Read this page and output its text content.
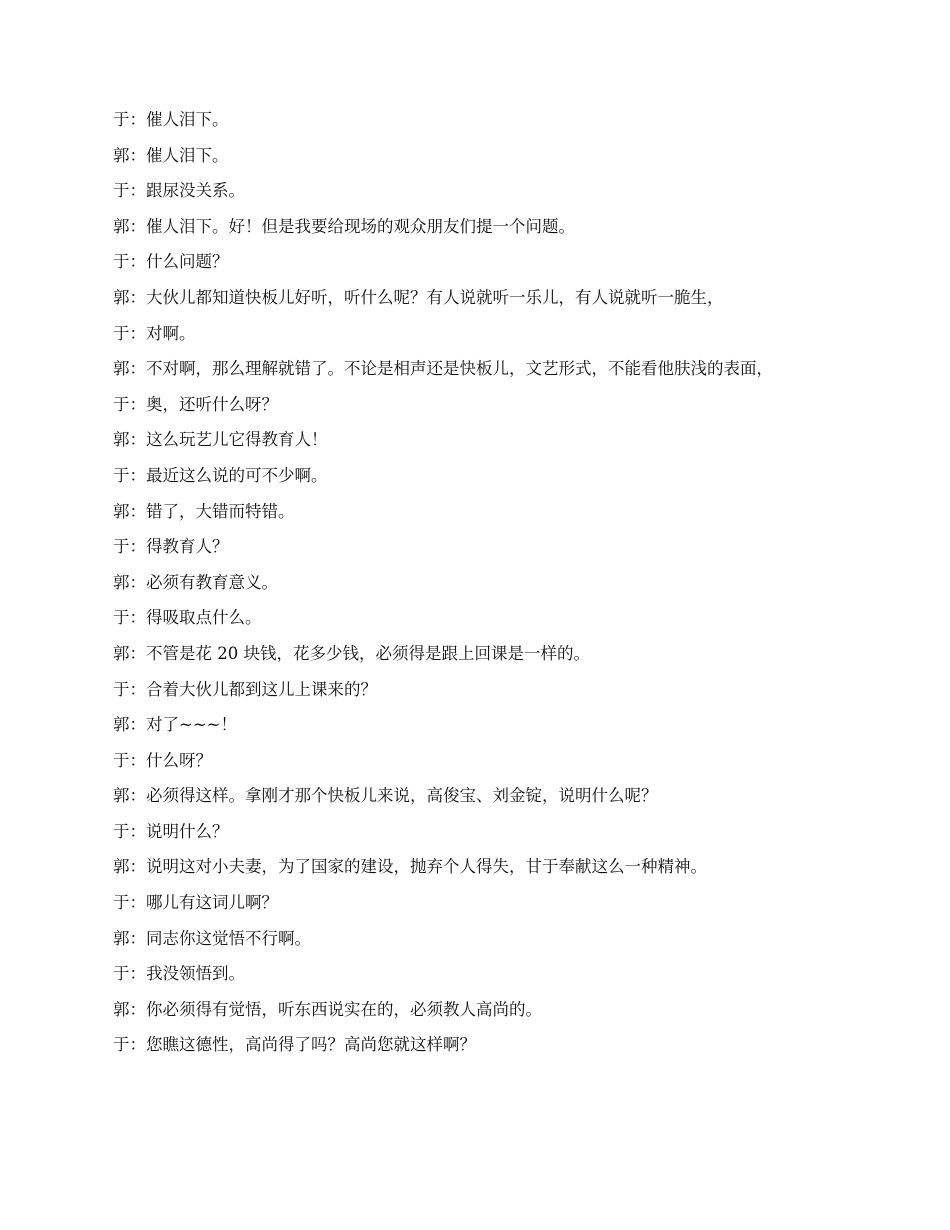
于：催人泪下。

郭：催人泪下。

于：跟尿没关系。

郭：催人泪下。好！但是我要给现场的观众朋友们提一个问题。

于：什么问题？

郭：大伙儿都知道快板儿好听，听什么呢？有人说就听一乐儿，有人说就听一脆生，

于：对啊。

郭：不对啊，那么理解就错了。不论是相声还是快板儿，文艺形式，不能看他肤浅的表面，

于：奥，还听什么呀？

郭：这么玩艺儿它得教育人！

于：最近这么说的可不少啊。

郭：错了，大错而特错。

于：得教育人？

郭：必须有教育意义。

于：得吸取点什么。

郭：不管是花 20 块钱，花多少钱，必须得是跟上回课是一样的。

于：合着大伙儿都到这儿上课来的？

郭：对了~~~！

于：什么呀？

郭：必须得这样。拿刚才那个快板儿来说，高俊宝、刘金锭，说明什么呢？

于：说明什么？

郭：说明这对小夫妻，为了国家的建设，抛弃个人得失，甘于奉献这么一种精神。

于：哪儿有这词儿啊？

郭：同志你这觉悟不行啊。

于：我没领悟到。

郭：你必须得有觉悟，听东西说实在的，必须教人高尚的。

于：您瞧这德性，高尚得了吗？高尚您就这样啊？
